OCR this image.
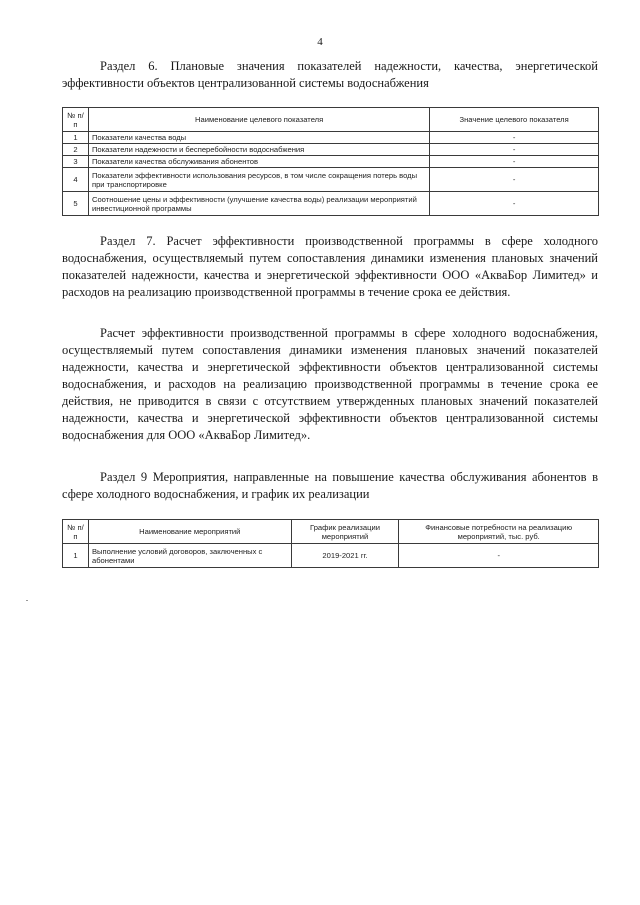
4
Раздел 6. Плановые значения показателей надежности, качества, энергетической эффективности объектов централизованной системы водоснабжения
№ п/п	Наименование целевого показателя	Значение целевого показателя
1	Показатели качества воды	-
2	Показатели надежности и бесперебойности водоснабжения	-
3	Показатели качества обслуживания абонентов	-
4	Показатели эффективности использования ресурсов, в том числе сокращения потерь воды при транспортировке	-
5	Соотношение цены и эффективности (улучшение качества воды) реализации мероприятий инвестиционной программы	-
Раздел 7. Расчет эффективности производственной программы в сфере холодного водоснабжения, осуществляемый путем сопоставления динамики изменения плановых значений показателей надежности, качества и энергетической эффективности ООО «АкваБор Лимитед» и расходов на реализацию производственной программы в течение срока ее действия.
Расчет эффективности производственной программы в сфере холодного водоснабжения, осуществляемый путем сопоставления динамики изменения плановых значений показателей надежности, качества и энергетической эффективности объектов централизованной системы водоснабжения, и расходов на реализацию производственной программы в течение срока ее действия, не приводится в связи с отсутствием утвержденных плановых значений показателей надежности, качества и энергетической эффективности объектов централизованной системы водоснабжения для ООО «АкваБор Лимитед».
Раздел 9 Мероприятия, направленные на повышение качества обслуживания абонентов в сфере холодного водоснабжения, и график их реализации
№ п/п	Наименование мероприятий	График реализации мероприятий	Финансовые потребности на реализацию мероприятий, тыс. руб.
1	Выполнение условий договоров, заключенных с абонентами	2019-2021 гг.	-
